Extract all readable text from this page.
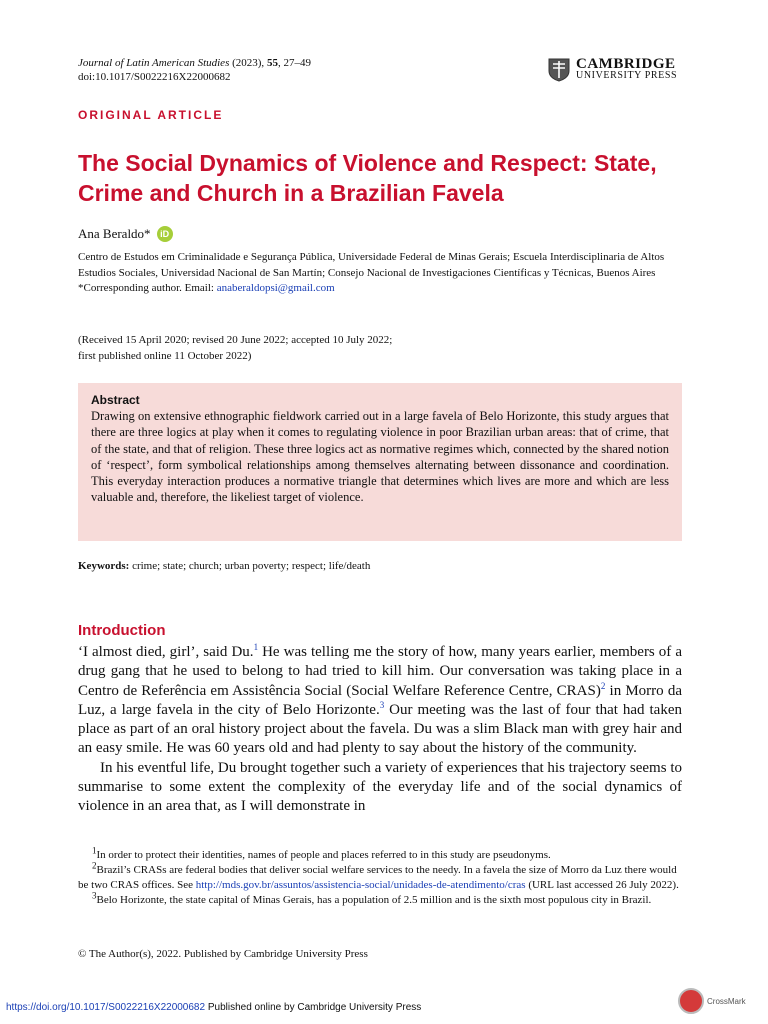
Journal of Latin American Studies (2023), 55, 27–49
doi:10.1017/S0022216X22000682
CAMBRIDGE
UNIVERSITY PRESS
ORIGINAL ARTICLE
The Social Dynamics of Violence and Respect: State, Crime and Church in a Brazilian Favela
Ana Beraldo*	iD
Centro de Estudos em Criminalidade e Segurança Pública, Universidade Federal de Minas Gerais; Escuela Interdisciplinaria de Altos Estudios Sociales, Universidad Nacional de San Martín; Consejo Nacional de Investigaciones Científicas y Técnicas, Buenos Aires
*Corresponding author. Email: anaberaldopsi@gmail.com
(Received 15 April 2020; revised 20 June 2022; accepted 10 July 2022;
first published online 11 October 2022)
Abstract

Drawing on extensive ethnographic fieldwork carried out in a large favela of Belo Horizonte, this study argues that there are three logics at play when it comes to regulating violence in poor Brazilian urban areas: that of crime, that of the state, and that of religion. These three logics act as normative regimes which, connected by the shared notion of ‘respect’, form symbolical relationships among themselves alternating between dissonance and coordination. This everyday interaction produces a normative triangle that determines which lives are more and which are less valuable and, therefore, the likeliest target of violence.

Keywords: crime; state; church; urban poverty; respect; life/death
Introduction

‘I almost died, girl’, said Du.$^1$ He was telling me the story of how, many years earlier, members of a drug gang that he used to belong to had tried to kill him. Our conversation was taking place in a Centro de Referência em Assistência Social (Social Welfare Reference Centre, CRAS)$^2$ in Morro da Luz, a large favela in the city of Belo Horizonte.$^3$ Our meeting was the last of four that had taken place as part of an oral history project about the favela. Du was a slim Black man with grey hair and an easy smile. He was 60 years old and had plenty to say about the history of the community.

In his eventful life, Du brought together such a variety of experiences that his trajectory seems to summarise to some extent the complexity of the everyday life and of the social dynamics of violence in an area that, as I will demonstrate in

$^1$In order to protect their identities, names of people and places referred to in this study are pseudonyms.

$^2$Brazil’s CRASs are federal bodies that deliver social welfare services to the needy. In a favela the size of Morro da Luz there would be two CRAS offices. See http://mds.gov.br/assuntos/assistencia-social/unidades-de-atendimento/cras (URL last accessed 26 July 2022).

$^3$Belo Horizonte, the state capital of Minas Gerais, has a population of 2.5 million and is the sixth most populous city in Brazil.

© The Author(s), 2022. Published by Cambridge University Press
https://doi.org/10.1017/S0022216X22000682 Published online by Cambridge University Press
CrossMark
